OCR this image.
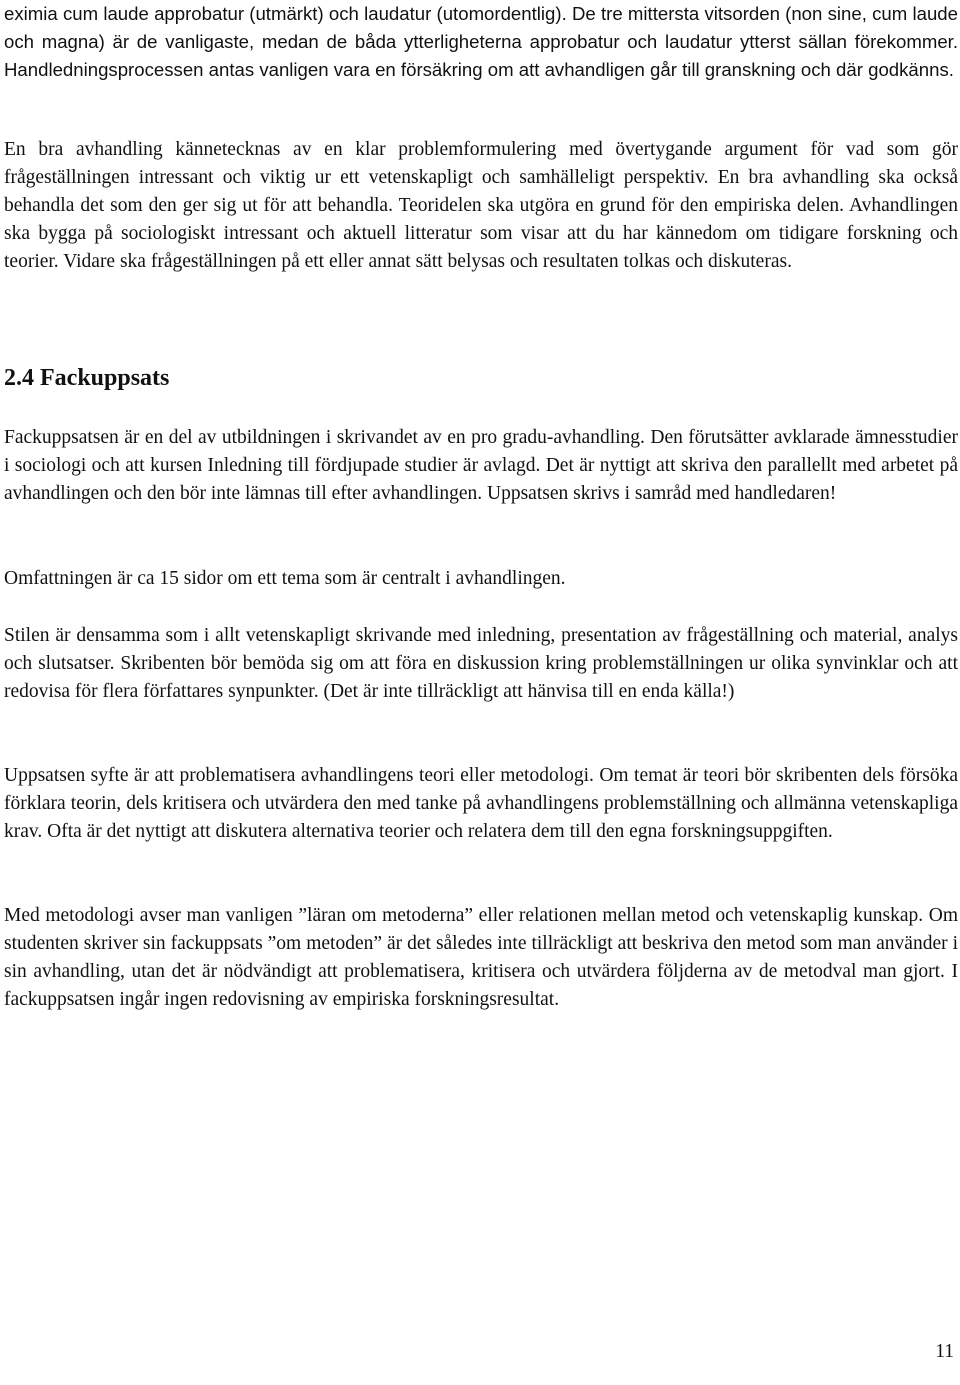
eximia cum laude approbatur (utmärkt) och laudatur (utomordentlig). De tre mittersta vitsorden (non sine, cum laude och magna) är de vanligaste, medan de båda ytterligheterna approbatur och laudatur ytterst sällan förekommer. Handledningsprocessen antas vanligen vara en försäkring om att avhandligen går till granskning och där godkänns.

En bra avhandling kännetecknas av en klar problemformulering med övertygande argument för vad som gör frågeställningen intressant och viktig ur ett vetenskapligt och samhälleligt perspektiv. En bra avhandling ska också behandla det som den ger sig ut för att behandla. Teoridelen ska utgöra en grund för den empiriska delen. Avhandlingen ska bygga på sociologiskt intressant och aktuell litteratur som visar att du har kännedom om tidigare forskning och teorier. Vidare ska frågeställningen på ett eller annat sätt belysas och resultaten tolkas och diskuteras.

2.4 Fackuppsats

Fackuppsatsen är en del av utbildningen i skrivandet av en pro gradu-avhandling. Den förutsätter avklarade ämnesstudier i sociologi och att kursen Inledning till fördjupade studier är avlagd. Det är nyttigt att skriva den parallellt med arbetet på avhandlingen och den bör inte lämnas till efter avhandlingen. Uppsatsen skrivs i samråd med handledaren!

Omfattningen är ca 15 sidor om ett tema som är centralt i avhandlingen.

Stilen är densamma som i allt vetenskapligt skrivande med inledning, presentation av frågeställning och material, analys och slutsatser. Skribenten bör bemöda sig om att föra en diskussion kring problemställningen ur olika synvinklar och att redovisa för flera författares synpunkter. (Det är inte tillräckligt att hänvisa till en enda källa!)

Uppsatsen syfte är att problematisera avhandlingens teori eller metodologi. Om temat är teori bör skribenten dels försöka förklara teorin, dels kritisera och utvärdera den med tanke på avhandlingens problemställning och allmänna vetenskapliga krav. Ofta är det nyttigt att diskutera alternativa teorier och relatera dem till den egna forskningsuppgiften.

Med metodologi avser man vanligen ”läran om metoderna” eller relationen mellan metod och vetenskaplig kunskap. Om studenten skriver sin fackuppsats ”om metoden” är det således inte tillräckligt att beskriva den metod som man använder i sin avhandling, utan det är nödvändigt att problematisera, kritisera och utvärdera följderna av de metodval man gjort. I fackuppsatsen ingår ingen redovisning av empiriska forskningsresultat.

11
